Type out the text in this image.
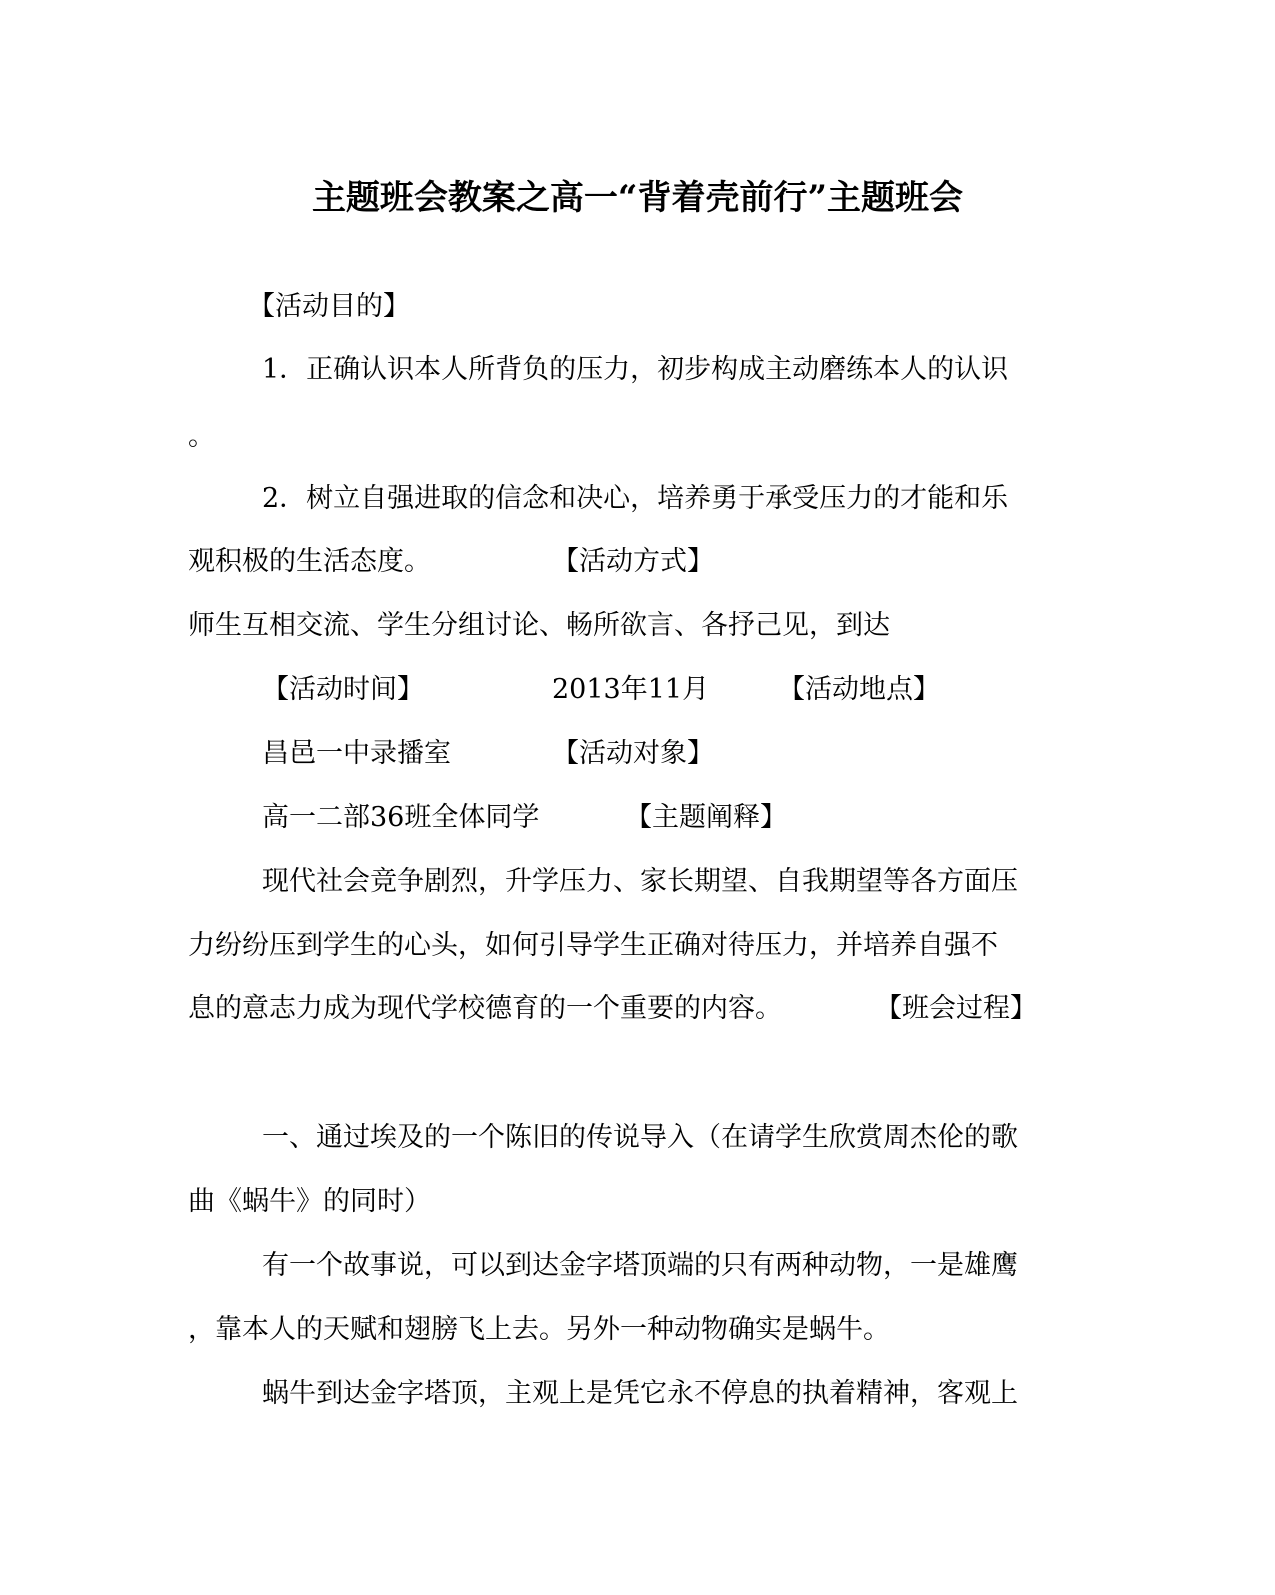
主题班会教案之高一“背着壳前行”主题班会
【活动目的】
1．正确认识本人所背负的压力，初步构成主动磨练本人的认识
。
2．树立自强进取的信念和决心，培养勇于承受压力的才能和乐
观积极的生活态度。	【活动方式】
师生互相交流、学生分组讨论、畅所欲言、各抒己见，到达
【活动时间】	2013年11月	【活动地点】
昌邑一中录播室	【活动对象】
高一二部36班全体同学	【主题阐释】
现代社会竞争剧烈，升学压力、家长期望、自我期望等各方面压
力纷纷压到学生的心头，如何引导学生正确对待压力，并培养自强不
息的意志力成为现代学校德育的一个重要的内容。	【班会过程】
一、通过埃及的一个陈旧的传说导入（在请学生欣赏周杰伦的歌
曲《蜗牛》的同时）
有一个故事说，可以到达金字塔顶端的只有两种动物，一是雄鹰
，靠本人的天赋和翅膀飞上去。另外一种动物确实是蜗牛。
蜗牛到达金字塔顶，主观上是凭它永不停息的执着精神，客观上
